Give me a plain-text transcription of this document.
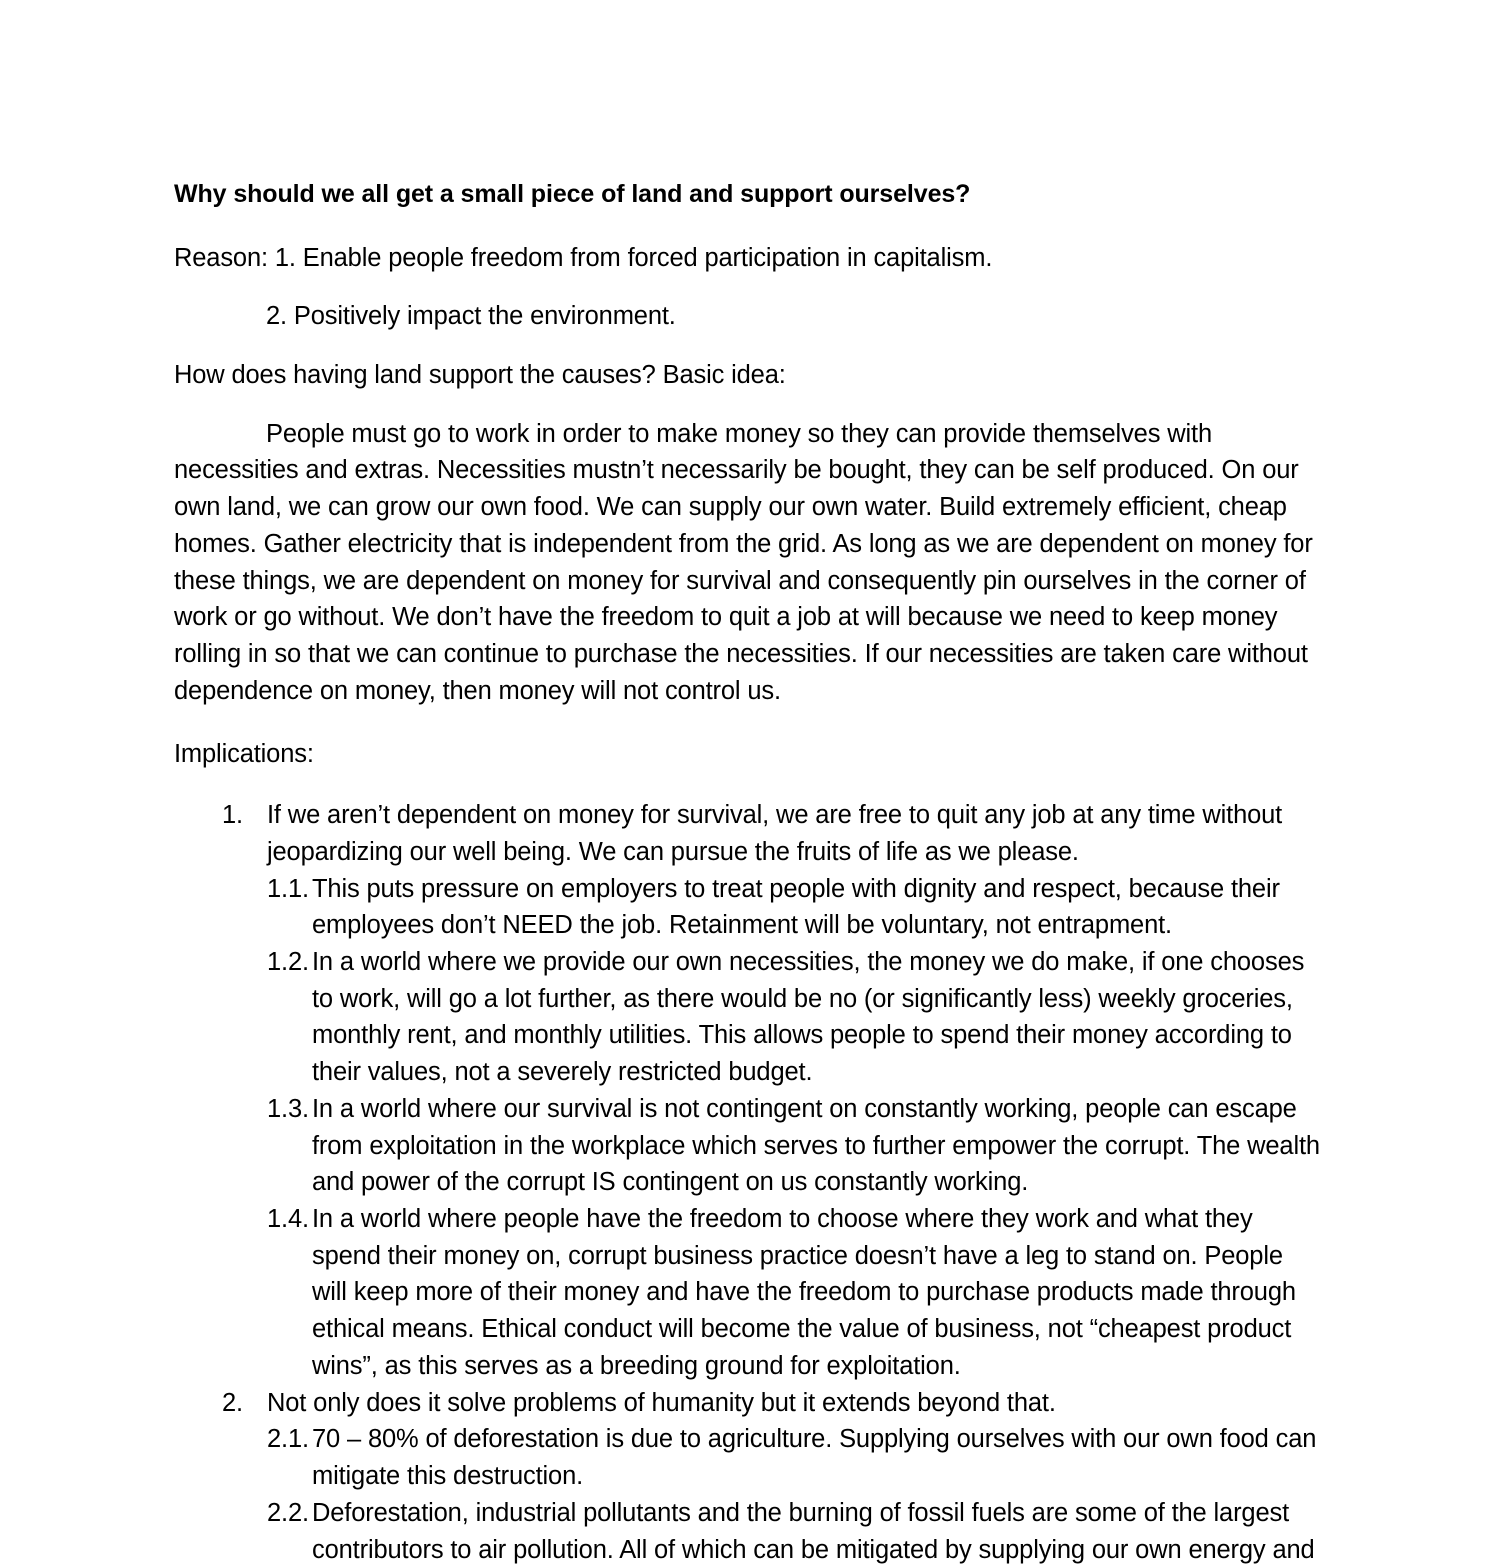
Why should we all get a small piece of land and support ourselves?

Reason: 1. Enable people freedom from forced participation in capitalism.

2. Positively impact the environment.

How does having land support the causes? Basic idea:

People must go to work in order to make money so they can provide themselves with necessities and extras. Necessities mustn’t necessarily be bought, they can be self produced. On our own land, we can grow our own food. We can supply our own water. Build extremely efficient, cheap homes. Gather electricity that is independent from the grid. As long as we are dependent on money for these things, we are dependent on money for survival and consequently pin ourselves in the corner of work or go without. We don’t have the freedom to quit a job at will because we need to keep money rolling in so that we can continue to purchase the necessities. If our necessities are taken care without dependence on money, then money will not control us.

Implications:

1. If we aren’t dependent on money for survival, we are free to quit any job at any time without jeopardizing our well being. We can pursue the fruits of life as we please.
1.1. This puts pressure on employers to treat people with dignity and respect, because their employees don’t NEED the job. Retainment will be voluntary, not entrapment.
1.2. In a world where we provide our own necessities, the money we do make, if one chooses to work, will go a lot further, as there would be no (or significantly less) weekly groceries, monthly rent, and monthly utilities. This allows people to spend their money according to their values, not a severely restricted budget.
1.3. In a world where our survival is not contingent on constantly working, people can escape from exploitation in the workplace which serves to further empower the corrupt. The wealth and power of the corrupt IS contingent on us constantly working.
1.4. In a world where people have the freedom to choose where they work and what they spend their money on, corrupt business practice doesn’t have a leg to stand on. People will keep more of their money and have the freedom to purchase products made through ethical means. Ethical conduct will become the value of business, not “cheapest product wins”, as this serves as a breeding ground for exploitation.
2. Not only does it solve problems of humanity but it extends beyond that.
2.1. 70 – 80% of deforestation is due to agriculture. Supplying ourselves with our own food can mitigate this destruction.
2.2. Deforestation, industrial pollutants and the burning of fossil fuels are some of the largest contributors to air pollution. All of which can be mitigated by supplying our own energy and
